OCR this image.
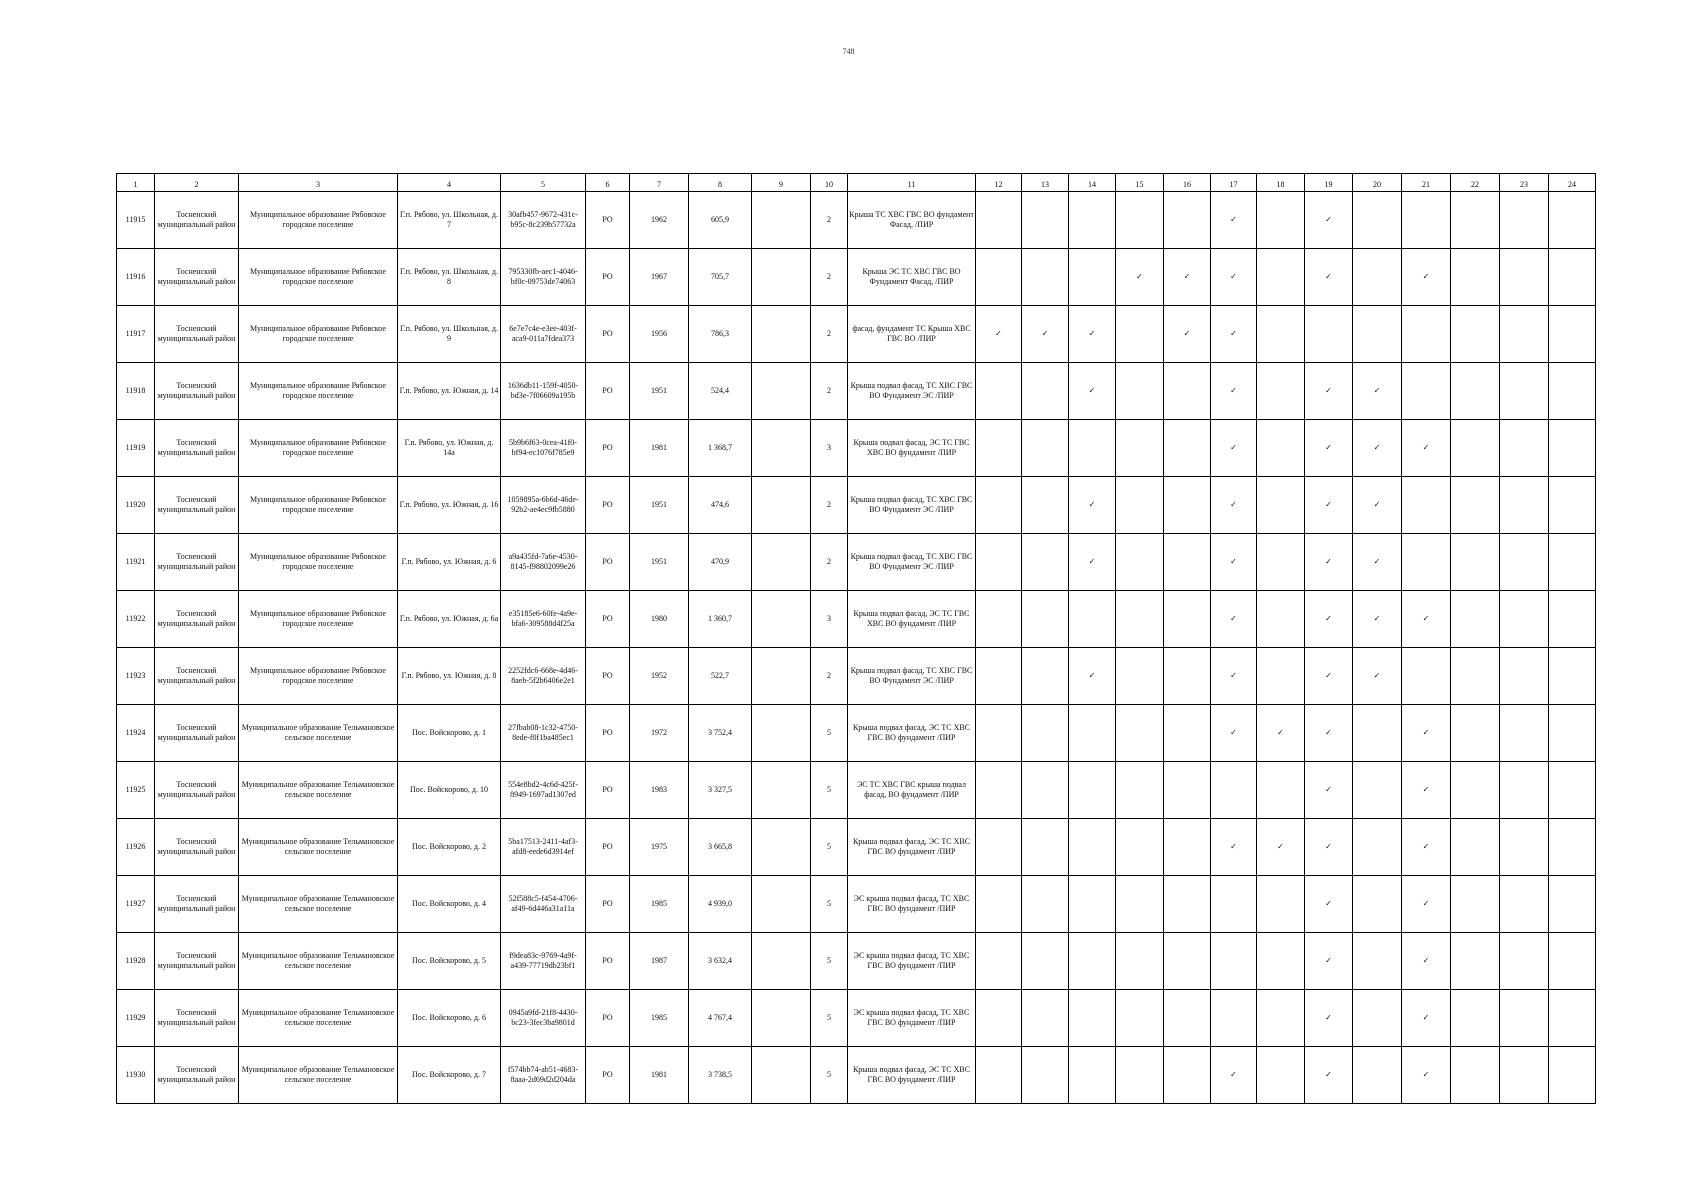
748
1	2	3	4	5	6	7	8	9	10	11	12	13	14	15	16	17	18	19	20	21	22	23	24
11915	Тосненский муниципальный район	Муниципальное образование Рябовское городское поселение	Г.п. Рябово, ул. Школьная, д. 7	30afb457-9672-431c-b95c-8c239b57732a	РО	1962	605,9		2	Крыша ТС ХВС ГВС ВО фундамент Фасад, /ПИР						✓		✓					
11916	Тосненский муниципальный район	Муниципальное образование Рябовское городское поселение	Г.п. Рябово, ул. Школьная, д. 8	795330fb-aec1-4046-bf0c-09753de74063	РО	1967	705,7		2	Крыша ЭС ТС ХВС ГВС ВО Фундамент Фасад, /ПИР				✓	✓	✓		✓		✓			
11917	Тосненский муниципальный район	Муниципальное образование Рябовское городское поселение	Г.п. Рябово, ул. Школьная, д. 9	6e7e7c4e-e3ee-403f-aca9-011a7fdea373	РО	1956	786,3		2	фасад, фундамент ТС Крыша ХВС ГВС ВО /ПИР	✓	✓	✓		✓	✓							
11918	Тосненский муниципальный район	Муниципальное образование Рябовское городское поселение	Г.п. Рябово, ул. Южная, д. 14	1636db11-159f-4050-bd3e-7f06609a195b	РО	1951	524,4		2	Крыша подвал фасад, ТС ХВС ГВС ВО Фундамент ЭС /ПИР			✓			✓		✓	✓				
11919	Тосненский муниципальный район	Муниципальное образование Рябовское городское поселение	Г.п. Рябово, ул. Южная, д. 14а	5b9b6f63-0cea-41f0-bf94-ec1076f785e9	РО	1981	1 368,7		3	Крыша подвал фасад, ЭС ТС ГВС ХВС ВО фундамент /ПИР						✓		✓	✓	✓			
11920	Тосненский муниципальный район	Муниципальное образование Рябовское городское поселение	Г.п. Рябово, ул. Южная, д. 16	1059895a-6b6d-46de-92b2-ae4ec9fb5880	РО	1951	474,6		2	Крыша подвал фасад, ТС ХВС ГВС ВО Фундамент ЭС /ПИР			✓			✓		✓	✓				
11921	Тосненский муниципальный район	Муниципальное образование Рябовское городское поселение	Г.п. Рябово, ул. Южная, д. 6	a9a435fd-7a6e-4530-8145-f98802099e26	РО	1951	470,9		2	Крыша подвал фасад, ТС ХВС ГВС ВО Фундамент ЭС /ПИР			✓			✓		✓	✓				
11922	Тосненский муниципальный район	Муниципальное образование Рябовское городское поселение	Г.п. Рябово, ул. Южная, д. 6а	e35185e6-60fe-4a9e-bfa6-309588d4f25a	РО	1980	1 360,7		3	Крыша подвал фасад, ЭС ТС ГВС ХВС ВО фундамент /ПИР						✓		✓	✓	✓			
11923	Тосненский муниципальный район	Муниципальное образование Рябовское городское поселение	Г.п. Рябово, ул. Южная, д. 8	2252fdc6-668e-4d46-8aeb-5f2b6406e2e1	РО	1952	522,7		2	Крыша подвал фасад, ТС ХВС ГВС ВО Фундамент ЭС /ПИР			✓			✓		✓	✓				
11924	Тосненский муниципальный район	Муниципальное образование Тельмановское сельское поселение	Пос. Войскорово, д. 1	27fbab08-1c32-4750-8ede-f0f1ba485ec1	РО	1972	3 752,4		5	Крыша подвал фасад, ЭС ТС ХВС ГВС ВО фундамент /ПИР						✓	✓	✓		✓			
11925	Тосненский муниципальный район	Муниципальное образование Тельмановское сельское поселение	Пос. Войскорово, д. 10	554e8bd2-4c6d-425f-8949-1697ad1307ed	РО	1983	3 327,5		5	ЭС ТС ХВС ГВС крыша подвал фасад, ВО фундамент /ПИР								✓		✓			
11926	Тосненский муниципальный район	Муниципальное образование Тельмановское сельское поселение	Пос. Войскорово, д. 2	5ba17513-2411-4af3-afd8-eede6d3914ef	РО	1975	3 665,8		5	Крыша подвал фасад, ЭС ТС ХВС ГВС ВО фундамент /ПИР						✓	✓	✓		✓			
11927	Тосненский муниципальный район	Муниципальное образование Тельмановское сельское поселение	Пос. Войскорово, д. 4	52f588c5-f454-4706-af49-6d446a31a11a	РО	1985	4 939,0		5	ЭС крыша подвал фасад, ТС ХВС ГВС ВО фундамент /ПИР								✓		✓			
11928	Тосненский муниципальный район	Муниципальное образование Тельмановское сельское поселение	Пос. Войскорово, д. 5	f9dea83c-9769-4a9f-a439-77719db23bf1	РО	1987	3 632,4		5	ЭС крыша подвал фасад, ТС ХВС ГВС ВО фундамент /ПИР								✓		✓			
11929	Тосненский муниципальный район	Муниципальное образование Тельмановское сельское поселение	Пос. Войскорово, д. 6	0945a9fd-21f8-4430-bc23-3fec3ba9801d	РО	1985	4 767,4		5	ЭС крыша подвал фасад, ТС ХВС ГВС ВО фундамент /ПИР								✓		✓			
11930	Тосненский муниципальный район	Муниципальное образование Тельмановское сельское поселение	Пос. Войскорово, д. 7	f574bb74-ab51-4683-8aaa-2d69d2d204da	РО	1981	3 738,5		5	Крыша подвал фасад, ЭС ТС ХВС ГВС ВО фундамент /ПИР						✓		✓		✓			
